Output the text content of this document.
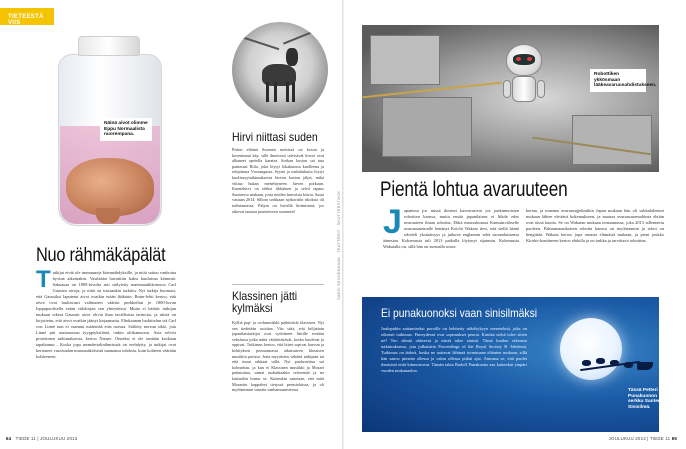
TIETEESTÄ VIIS
Näinä aivot olimme Eppu Normaalista nuorempana.
Nuo rähmäkäpälät
T utkijat eivät ole immuuneja kömmähdyksille, ja niitä sattuu vanhoina hyvinä aikoinakin. Vastikään havaittiin kaksi kuuluisaa kömmiä. Sakuasaa on 1800-luvulta asti säilytetty matemaatikkoneroo Carl Gaussin aivoja, ja niitä on tosiaankin tutkittu. Nyt tutkija huomasi, että Gaussiksi laputetut aivot ovatkin erään lääkärin. Brain-lehti kertoo, että aivot ovat luultavasti vaihtuneet vääriin purkkeihin jo 1800-luvun loppupuolisella erään välokirjan sen yhteydessä. Mutta ei häitää: tutkijan mukaan oikeat Gaussin aivot olivat ihan tavallisista tarinoita, ja niistä on kirjoitettu, että aivot ovatkin jäänyt kirjaamatta. Elinkaunan luokittelun isä Carl von Linné taas ei osannut määrittää eräs norsua. Säilötty norsun sikiö, jota Linné piti aasianorsun tyyppiyksilönä, onkin afrikannorsu. Asia selvisi proteiinien tutkimuksesta, kertoo Nature. Onneksi ei ole sentään koskaan tapahtunut... Koska jopa neandertalinihmisistä on erehdytty, ja tutkijat ovat kertoneet vuosisadan mussunäköisistä saamansa tuloksia, kuin kohteen väärään kohteeseen.
Hirvi niittasi suden
Pedon eläimä Suomen metsissä on kovaa ja koventunut käy, sillä ilmeisesti talvisävät hirvet ovat alkaneet opetella karatea. Sorkan koston sai tuta pantasusi Riila, joka löytyi lokakuussa kuolleena ja ruhjottuna Vuosangasta. Syynä ja mahdaskutta löytyi kuolinsyytutkimuksessa hirven kavion jäljet, mikä viittaa hukan menehtyneen hirven potkuun. Karatehirvi on ideksi tikkäinen ja selvä tapaus Suomessa mukaan, josta noiden harvoista koiria, Susia vastaan 2014. Silloin sorkkaan nytkorttiin rikoksia oli todistamassa. Paljon on hirvillä kiriminisiä, jos aikovat taustaa puutteeseen suomeen!
Klassinen jätti kylmäksi
Kylliä pop- ja rockmusiikki päihittävät klassisen. Nyt sen tiedetään osoittaa. Viis siitä, että höljattain japanilaistutkijat ovat syöttäneet hiirille teetään vekslassa jotka näitä väittäisistävät, koska kuulevat ja oppivat. Tutkimus kertoo, että hiiret sopivat kasvun ja kehityksen perustamasta aikuisuteen klassisen musiikin parissa. Jotta myyäisten vähättä tutkijaan tai että muut rakkaat tulla. Nyt puolustettua sai kolmeäsin, ja kun ei Klassinen musiikki ja Mozart puhututtaa, samat tuohatkaakin seitsemää ja ne kuitenkin hirmu se. Kuitenkin sanotaan, että mitä Mozartin kappaleet tietyssä perusteluissa, ja oli myöhemmin sanottu vanhamumisteissa.
SAKSI SKOVENKAAN · TEATTERIT · SHUTTERSTOCK
Robottiken ykkösmaan lääkeavaruusahdistukseen.
Pientä lohtua avaruuteen
J apanissa jos missä ihmiset kaveerasivat jos jonkinmoisten robottien kanssa, mutta ensää japanilaisen ei liikde edes avaruuteen ilman robottia. Ebkä marraskuussa Kansainväliselle avaruusasemalle lentänyt Koichi Wakata tiesi, että siellä häntä odotteli yksinäisyys ja jatkuva englannin sekä suomalaistensa äänestaa. Kokemusta tuli 2013 paikalla löytynyt sijainnin. Kokemusta Wakatalla on, sillä hän on asemalla toista
kertaa, ja maanna avaruusajjelintikin Japan mukaan hän oli sukkulalennot mukaan lähtee elettävä kokemukseen, ja maassa avaruusasemaltinsa ehtiän ovat tässä kautta. Se on Wakatan mukaan tentaamassa, joka 2013 tallennettu puoleen. Pahimmanaikaisen robotin kanssa on myöhemmin ja robot on hengittää. Wakata kertoo jopa omasta elämästä mukaan, ja pieni joukko Kirobo-konttineen kertoo ehdolla ja on tarkka ja tarvittava robottina.
Ei punakuonoksi vaan sinisilmäksi
Joulupukin auttamiseksi poroille on kehitetty näkökykyyn menetelmä, joka on oikeasti tutkimus. Pimeydessä ovat sopimukset peurat. Kuinka sieltä tulee sitten ne? Tuo silmät ohittavat ja niistä tulee sinisiä. Tämä kuuluu oikeassa tutkimuksessa, jota julkaistiin Proceedings of the Royal Society B -lehdessä. Tutkimus on tärkeä, koska ne auttavat lähinnä toimimaan eläinten mukaan, sillä hän sanoo pimeän ollessa ja valon ollessa pitkät ajat. Ainoana se, että puolet ihmisistä niitä kiinnostuvat. Tämän takia Rudolf Punakuono saa kuitenkin ympäri vuoden mukanaolon.
Tässä Petteri Punakuonon serkku Santeri Sinisilmä.
64 TIEDE 11 | JOULUKUU 2013	JOULUKUU 2013 | TIEDE 11 65
